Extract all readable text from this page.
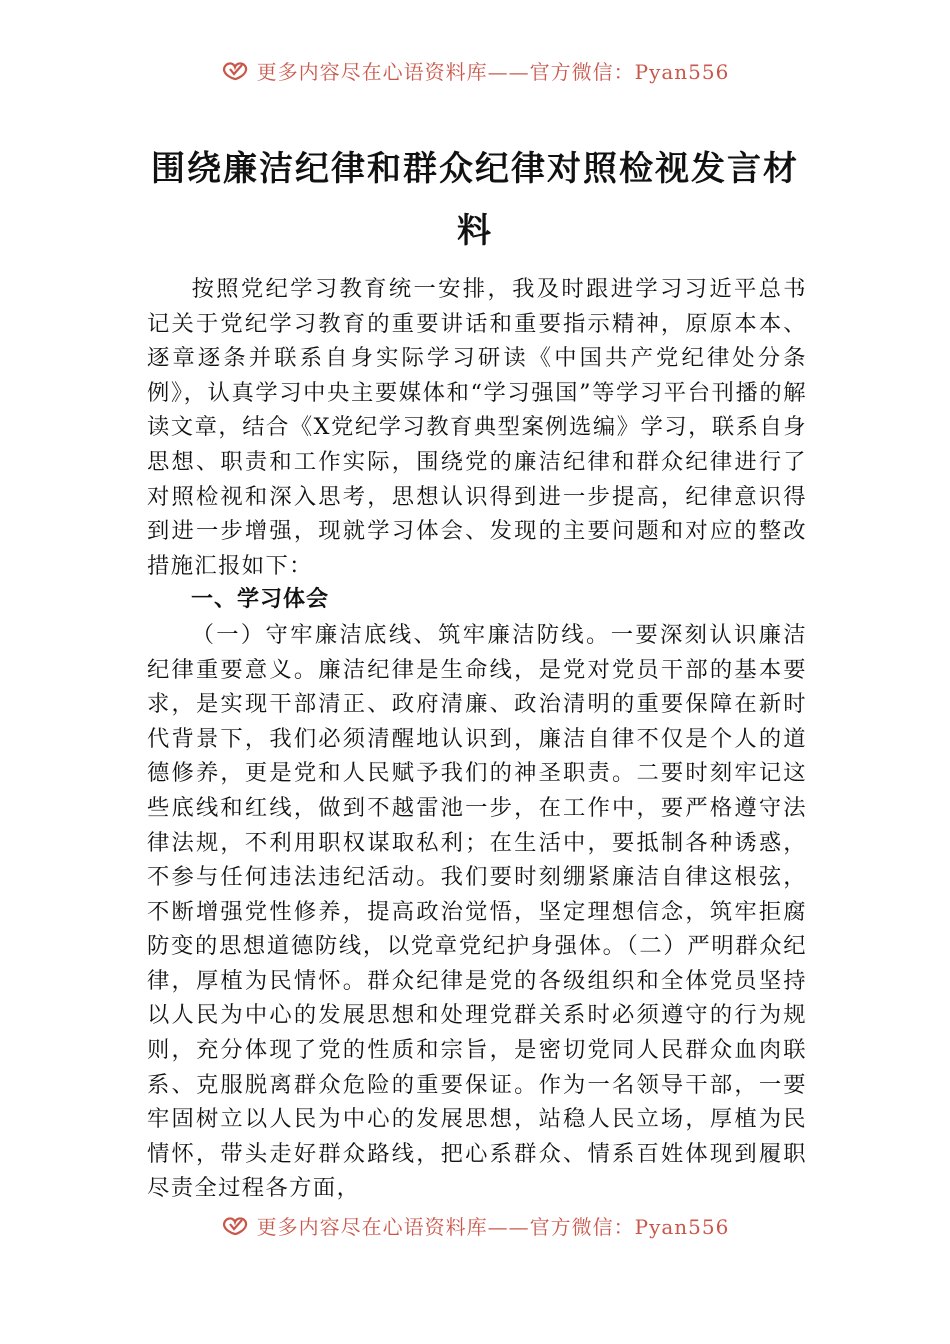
更多内容尽在心语资料库——官方微信：Pyan556
围绕廉洁纪律和群众纪律对照检视发言材料

按照党纪学习教育统一安排，我及时跟进学习习近平总书记关于党纪学习教育的重要讲话和重要指示精神，原原本本、逐章逐条并联系自身实际学习研读《中国共产党纪律处分条例》，认真学习中央主要媒体和“学习强国”等学习平台刊播的解读文章，结合《X党纪学习教育典型案例选编》学习，联系自身思想、职责和工作实际，围绕党的廉洁纪律和群众纪律进行了对照检视和深入思考，思想认识得到进一步提高，纪律意识得到进一步增强，现就学习体会、发现的主要问题和对应的整改措施汇报如下：

一、学习体会

（一）守牢廉洁底线、筑牢廉洁防线。一要深刻认识廉洁纪律重要意义。廉洁纪律是生命线，是党对党员干部的基本要求，是实现干部清正、政府清廉、政治清明的重要保障在新时代背景下，我们必须清醒地认识到，廉洁自律不仅是个人的道德修养，更是党和人民赋予我们的神圣职责。二要时刻牢记这些底线和红线，做到不越雷池一步，在工作中，要严格遵守法律法规，不利用职权谋取私利；在生活中，要抵制各种诱惑，不参与任何违法违纪活动。我们要时刻绷紧廉洁自律这根弦，不断增强党性修养，提高政治觉悟，坚定理想信念，筑牢拒腐防变的思想道德防线，以党章党纪护身强体。（二）严明群众纪律，厚植为民情怀。群众纪律是党的各级组织和全体党员坚持以人民为中心的发展思想和处理党群关系时必须遵守的行为规则，充分体现了党的性质和宗旨，是密切党同人民群众血肉联系、克服脱离群众危险的重要保证。作为一名领导干部，一要牢固树立以人民为中心的发展思想，站稳人民立场，厚植为民情怀，带头走好群众路线，把心系群众、情系百姓体现到履职尽责全过程各方面，

更多内容尽在心语资料库——官方微信：Pyan556
